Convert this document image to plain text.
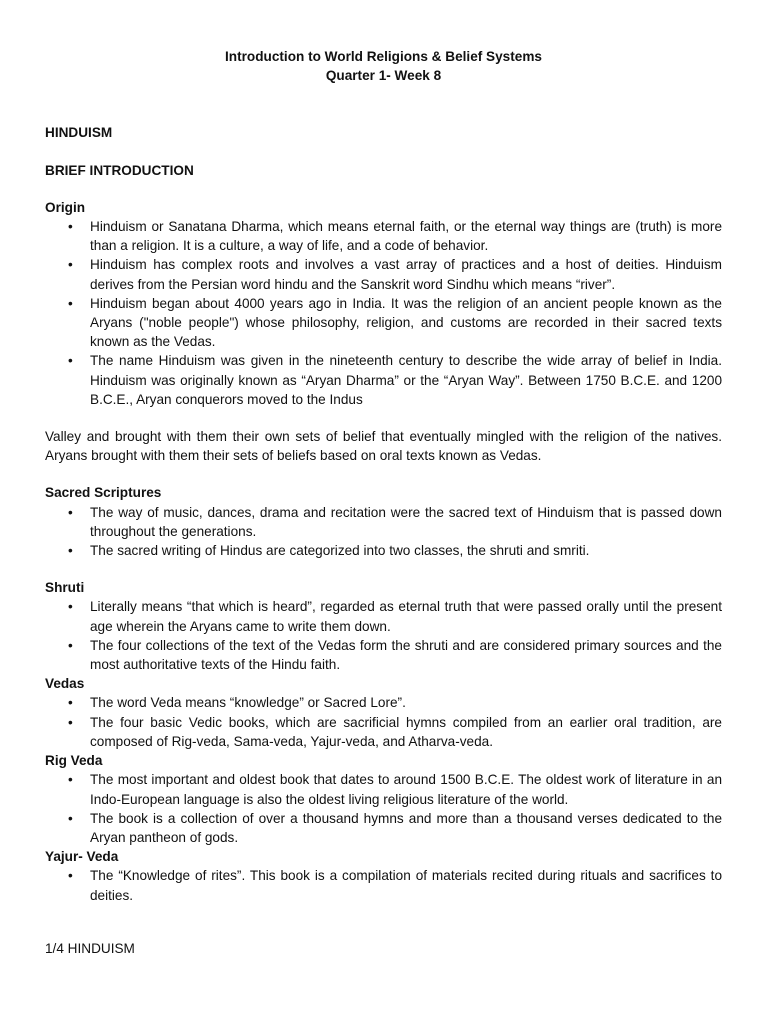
Introduction to World Religions & Belief Systems
Quarter 1- Week 8
HINDUISM
BRIEF INTRODUCTION
Origin
• Hinduism or Sanatana Dharma, which means eternal faith, or the eternal way things are (truth) is more than a religion. It is a culture, a way of life, and a code of behavior.
• Hinduism has complex roots and involves a vast array of practices and a host of deities. Hinduism derives from the Persian word hindu and the Sanskrit word Sindhu which means “river”.
• Hinduism began about 4000 years ago in India. It was the religion of an ancient people known as the Aryans ("noble people") whose philosophy, religion, and customs are recorded in their sacred texts known as the Vedas.
• The name Hinduism was given in the nineteenth century to describe the wide array of belief in India. Hinduism was originally known as “Aryan Dharma” or the “Aryan Way”. Between 1750 B.C.E. and 1200 B.C.E., Aryan conquerors moved to the Indus

Valley and brought with them their own sets of belief that eventually mingled with the religion of the natives. Aryans brought with them their sets of beliefs based on oral texts known as Vedas.

Sacred Scriptures
• The way of music, dances, drama and recitation were the sacred text of Hinduism that is passed down throughout the generations.
• The sacred writing of Hindus are categorized into two classes, the shruti and smriti.
Shruti
• Literally means “that which is heard”, regarded as eternal truth that were passed orally until the present age wherein the Aryans came to write them down.
• The four collections of the text of the Vedas form the shruti and are considered primary sources and the most authoritative texts of the Hindu faith.
Vedas
• The word Veda means “knowledge” or Sacred Lore”.
• The four basic Vedic books, which are sacrificial hymns compiled from an earlier oral tradition, are composed of Rig-veda, Sama-veda, Yajur-veda, and Atharva-veda.
Rig Veda
• The most important and oldest book that dates to around 1500 B.C.E. The oldest work of literature in an Indo-European language is also the oldest living religious literature of the world.
• The book is a collection of over a thousand hymns and more than a thousand verses dedicated to the Aryan pantheon of gods.
Yajur- Veda
• The “Knowledge of rites”. This book is a compilation of materials recited during rituals and sacrifices to deities.
1/4 HINDUISM
